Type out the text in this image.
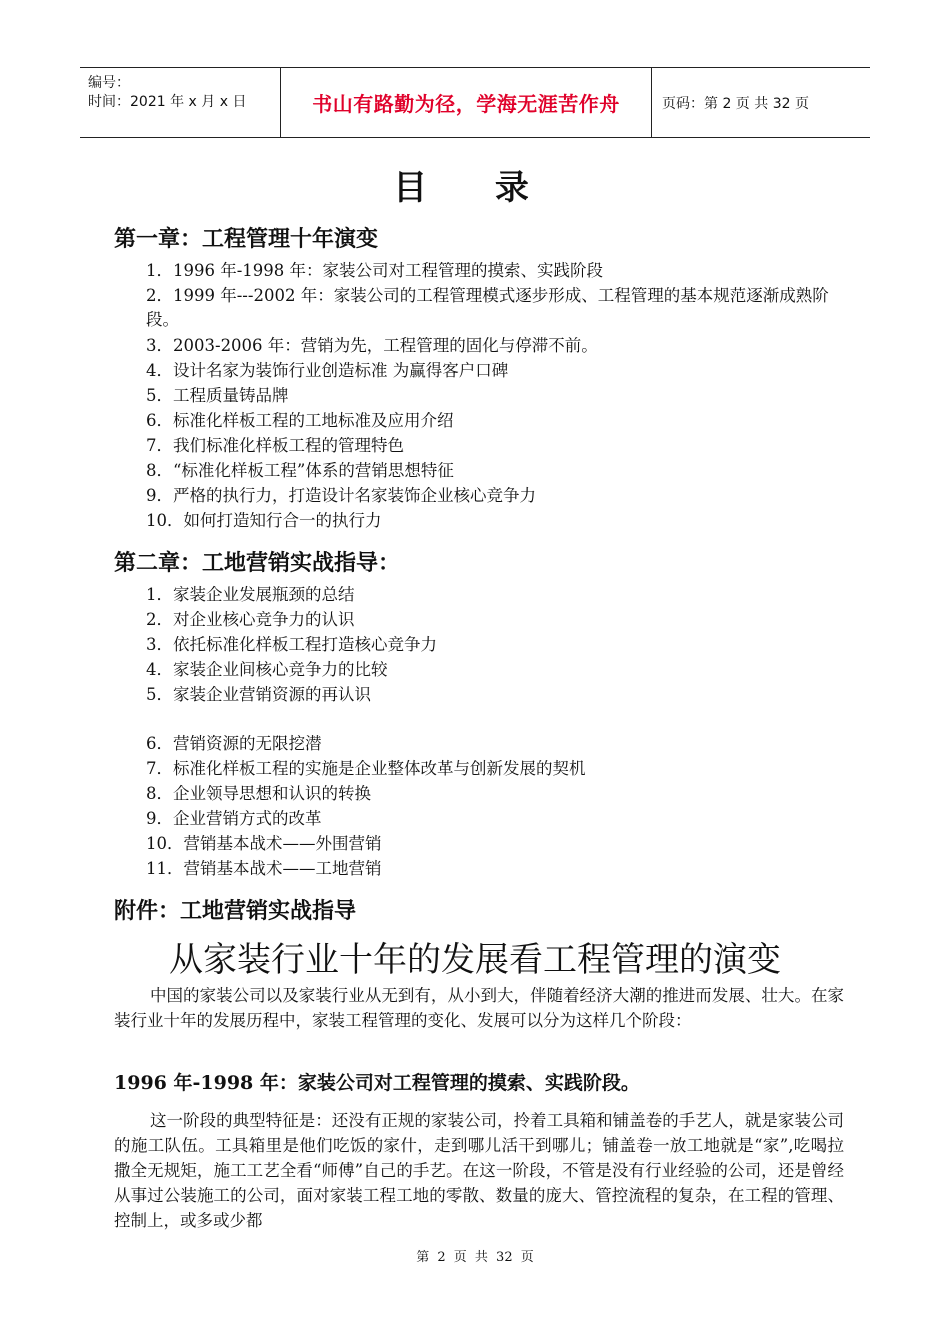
编号：
时间：2021 年 x 月 x 日	书山有路勤为径，学海无涯苦作舟	页码：第 2 页 共 32 页
目 录
第一章：工程管理十年演变
1．1996 年-1998 年：家装公司对工程管理的摸索、实践阶段
2．1999 年---2002 年：家装公司的工程管理模式逐步形成、工程管理的基本规范逐渐成熟阶段。
3．2003-2006 年：营销为先，工程管理的固化与停滞不前。
4．设计名家为装饰行业创造标准 为赢得客户口碑
5．工程质量铸品牌
6．标准化样板工程的工地标准及应用介绍
7．我们标准化样板工程的管理特色
8．“标准化样板工程”体系的营销思想特征
9．严格的执行力，打造设计名家装饰企业核心竞争力
10．如何打造知行合一的执行力
第二章：工地营销实战指导：
1．家装企业发展瓶颈的总结
2．对企业核心竞争力的认识
3．依托标准化样板工程打造核心竞争力
4．家装企业间核心竞争力的比较
5．家装企业营销资源的再认识
6．营销资源的无限挖潜
7．标准化样板工程的实施是企业整体改革与创新发展的契机
8．企业领导思想和认识的转换
9．企业营销方式的改革
10．营销基本战术——外围营销
11．营销基本战术——工地营销
附件：工地营销实战指导
从家装行业十年的发展看工程管理的演变
中国的家装公司以及家装行业从无到有，从小到大，伴随着经济大潮的推进而发展、壮大。在家装行业十年的发展历程中，家装工程管理的变化、发展可以分为这样几个阶段：
1996 年-1998 年：家装公司对工程管理的摸索、实践阶段。
这一阶段的典型特征是：还没有正规的家装公司，拎着工具箱和铺盖卷的手艺人，就是家装公司的施工队伍。工具箱里是他们吃饭的家什，走到哪儿活干到哪儿；铺盖卷一放工地就是“家”,吃喝拉撒全无规矩，施工工艺全看“师傅”自己的手艺。在这一阶段，不管是没有行业经验的公司，还是曾经从事过公装施工的公司，面对家装工程工地的零散、数量的庞大、管控流程的复杂，在工程的管理、控制上，或多或少都
第 2 页 共 32 页
